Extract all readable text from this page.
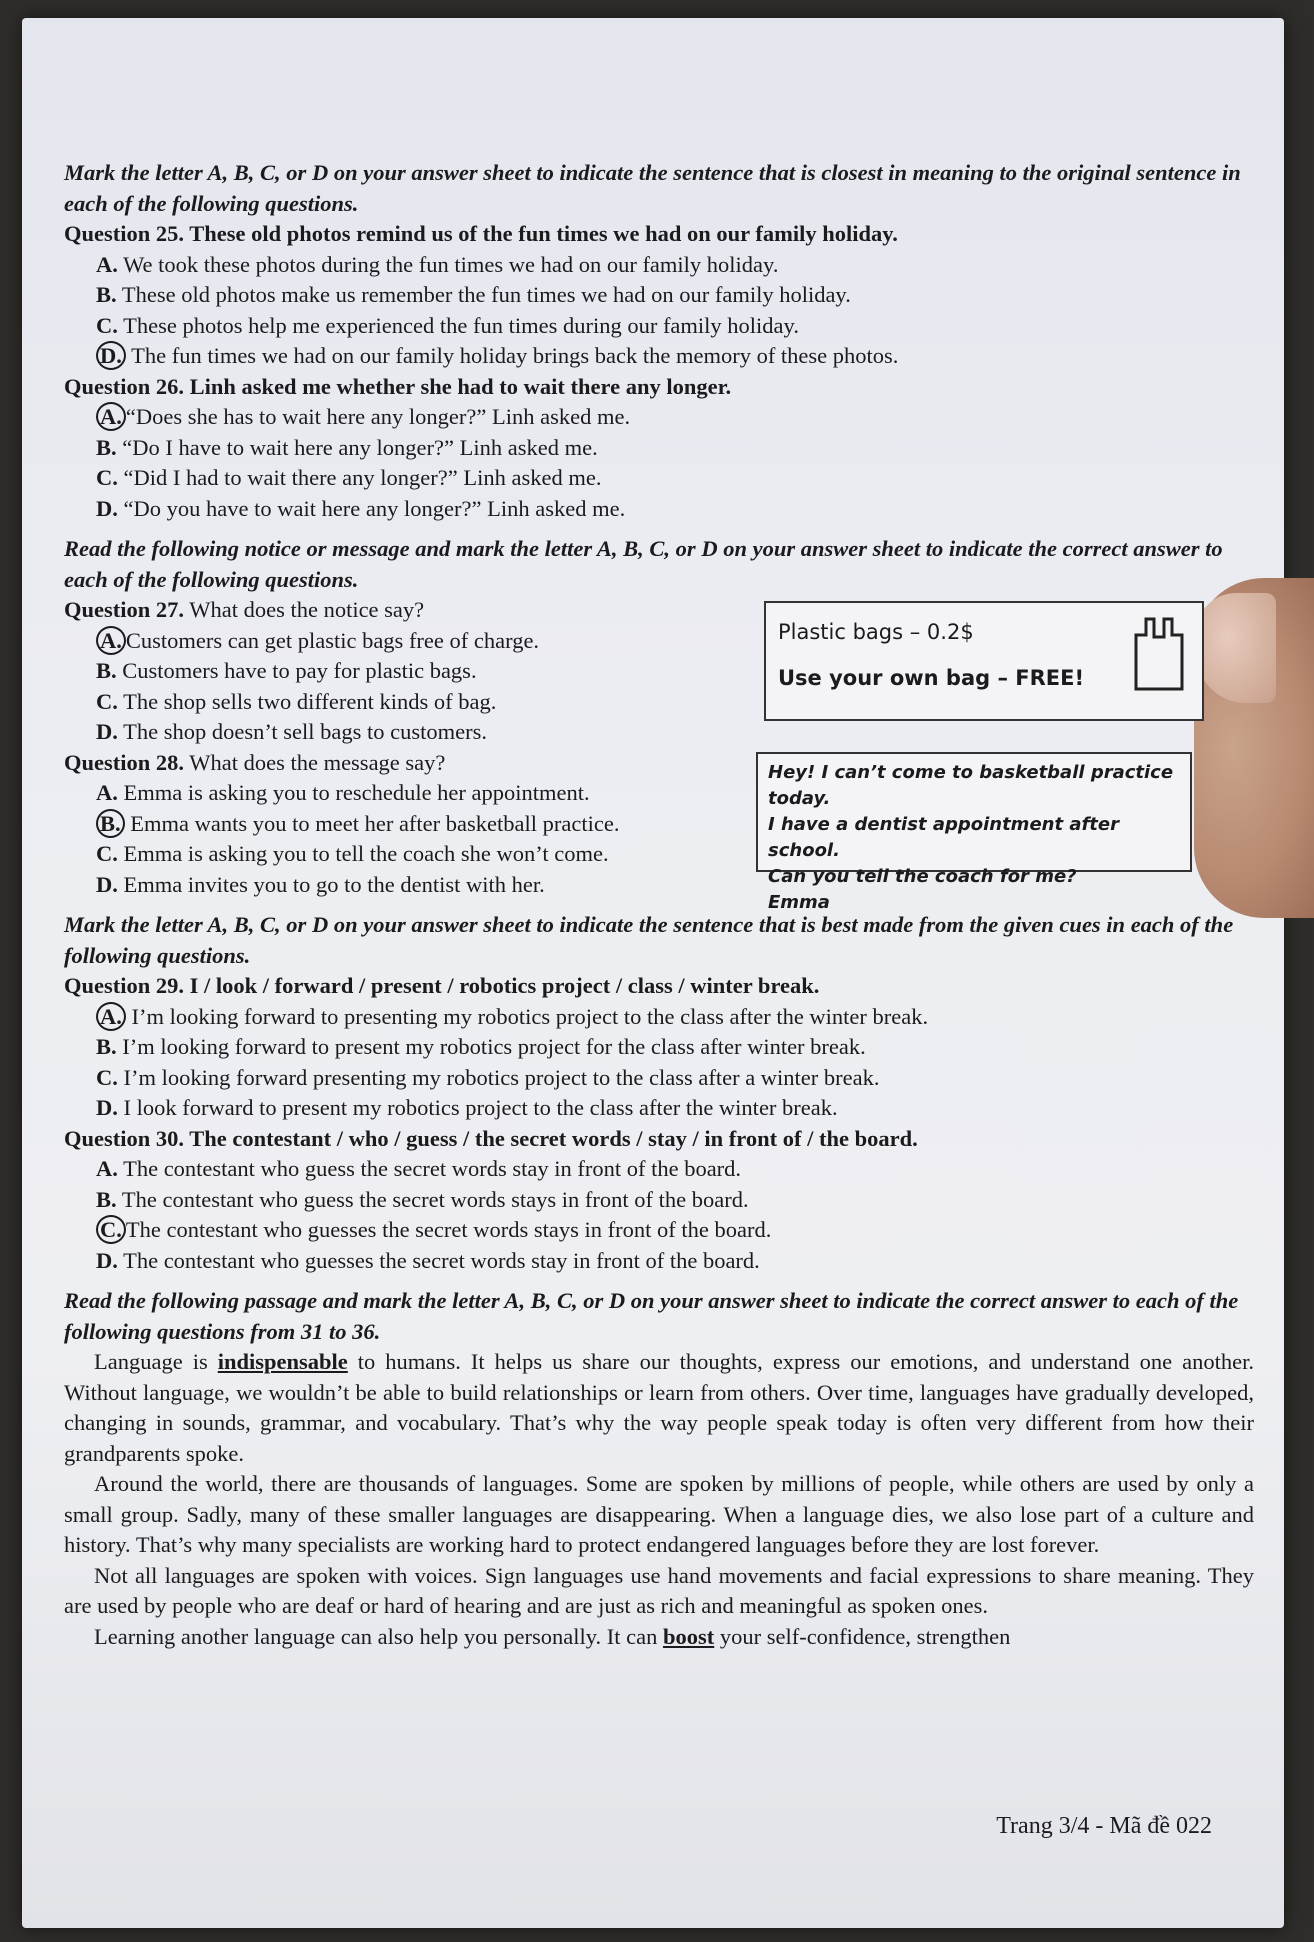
Mark the letter A, B, C, or D on your answer sheet to indicate the sentence that is closest in meaning to the original sentence in each of the following questions.

Question 25. These old photos remind us of the fun times we had on our family holiday.

A. We took these photos during the fun times we had on our family holiday.

B. These old photos make us remember the fun times we had on our family holiday.

C. These photos help me experienced the fun times during our family holiday.

D. The fun times we had on our family holiday brings back the memory of these photos.

Question 26. Linh asked me whether she had to wait there any longer.

A. “Does she has to wait here any longer?” Linh asked me.

B. “Do I have to wait here any longer?” Linh asked me.

C. “Did I had to wait there any longer?” Linh asked me.

D. “Do you have to wait here any longer?” Linh asked me.

Read the following notice or message and mark the letter A, B, C, or D on your answer sheet to indicate the correct answer to each of the following questions.

Question 27. What does the notice say?

A. Customers can get plastic bags free of charge.

B. Customers have to pay for plastic bags.

C. The shop sells two different kinds of bag.

D. The shop doesn’t sell bags to customers.

Plastic bags – 0.2$
Use your own bag – FREE!

Question 28. What does the message say?

A. Emma is asking you to reschedule her appointment.

B. Emma wants you to meet her after basketball practice.

C. Emma is asking you to tell the coach she won’t come.

D. Emma invites you to go to the dentist with her.

Hey! I can’t come to basketball practice today.
I have a dentist appointment after school.
Can you tell the coach for me?
Emma

Mark the letter A, B, C, or D on your answer sheet to indicate the sentence that is best made from the given cues in each of the following questions.

Question 29. I / look / forward / present / robotics project / class / winter break.

A. I’m looking forward to presenting my robotics project to the class after the winter break.

B. I’m looking forward to present my robotics project for the class after winter break.

C. I’m looking forward presenting my robotics project to the class after a winter break.

D. I look forward to present my robotics project to the class after the winter break.

Question 30. The contestant / who / guess / the secret words / stay / in front of / the board.

A. The contestant who guess the secret words stay in front of the board.

B. The contestant who guess the secret words stays in front of the board.

C. The contestant who guesses the secret words stays in front of the board.

D. The contestant who guesses the secret words stay in front of the board.

Read the following passage and mark the letter A, B, C, or D on your answer sheet to indicate the correct answer to each of the following questions from 31 to 36.

Language is indispensable to humans. It helps us share our thoughts, express our emotions, and understand one another. Without language, we wouldn’t be able to build relationships or learn from others. Over time, languages have gradually developed, changing in sounds, grammar, and vocabulary. That’s why the way people speak today is often very different from how their grandparents spoke.

Around the world, there are thousands of languages. Some are spoken by millions of people, while others are used by only a small group. Sadly, many of these smaller languages are disappearing. When a language dies, we also lose part of a culture and history. That’s why many specialists are working hard to protect endangered languages before they are lost forever.

Not all languages are spoken with voices. Sign languages use hand movements and facial expressions to share meaning. They are used by people who are deaf or hard of hearing and are just as rich and meaningful as spoken ones.

Learning another language can also help you personally. It can boost your self-confidence, strengthen

Trang 3/4 - Mã đề 022
